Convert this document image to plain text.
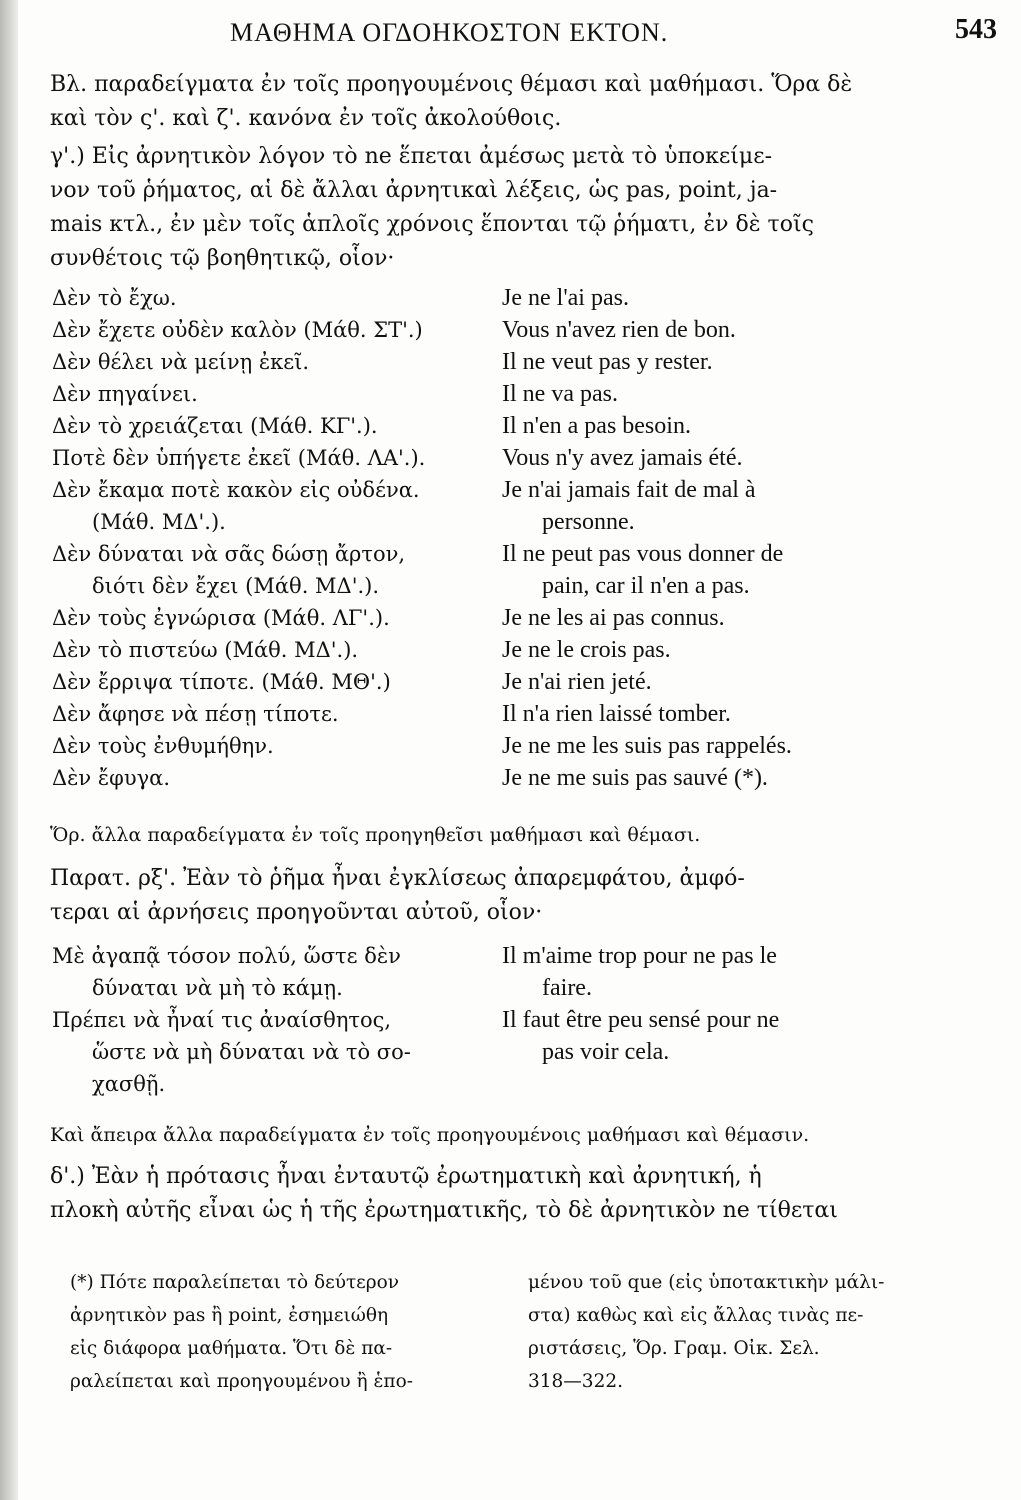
ΜΑΘΗΜΑ ΟΓΔΟΗΚΟΣΤΟΝ ΕΚΤΟΝ.	543
Βλ. παραδείγματα ἐν τοῖς προηγουμένοις θέμασι καὶ μαθήμασι. Ὅρα δὲ
καὶ τὸν ς'. καὶ ζ'. κανόνα ἐν τοῖς ἀκολούθοις.
γ'.) Εἰς ἀρνητικὸν λόγον τὸ ne ἕπεται ἀμέσως μετὰ τὸ ὑποκείμε-
νον τοῦ ῥήματος, αἱ δὲ ἄλλαι ἀρνητικαὶ λέξεις, ὡς pas, point, ja-
mais κτλ., ἐν μὲν τοῖς ἁπλοῖς χρόνοις ἕπονται τῷ ῥήματι, ἐν δὲ τοῖς
συνθέτοις τῷ βοηθητικῷ, οἷον·
Δὲν τὸ ἔχω.	Je ne l'ai pas.
Δὲν ἔχετε οὐδὲν καλὸν (Μάθ. ΣΤ'.)	Vous n'avez rien de bon.
Δὲν θέλει νὰ μείνῃ ἐκεῖ.	Il ne veut pas y rester.
Δὲν πηγαίνει.	Il ne va pas.
Δὲν τὸ χρειάζεται (Μάθ. ΚΓ'.).	Il n'en a pas besoin.
Ποτὲ δὲν ὑπήγετε ἐκεῖ (Μάθ. ΛΑ'.).	Vous n'y avez jamais été.
Δὲν ἔκαμα ποτὲ κακὸν εἰς οὐδένα.	Je n'ai jamais fait de mal à
(Μάθ. ΜΔ'.).	personne.
Δὲν δύναται νὰ σᾶς δώσῃ ἄρτον,	Il ne peut pas vous donner de
διότι δὲν ἔχει (Μάθ. ΜΔ'.).	pain, car il n'en a pas.
Δὲν τοὺς ἐγνώρισα (Μάθ. ΛΓ'.).	Je ne les ai pas connus.
Δὲν τὸ πιστεύω (Μάθ. ΜΔ'.).	Je ne le crois pas.
Δὲν ἔρριψα τίποτε. (Μάθ. ΜΘ'.)	Je n'ai rien jeté.
Δὲν ἄφησε νὰ πέσῃ τίποτε.	Il n'a rien laissé tomber.
Δὲν τοὺς ἐνθυμήθην.	Je ne me les suis pas rappelés.
Δὲν ἔφυγα.	Je ne me suis pas sauvé (*).
Ὅρ. ἄλλα παραδείγματα ἐν τοῖς προηγηθεῖσι μαθήμασι καὶ θέμασι.
Παρατ. ρξ'. Ἐὰν τὸ ῥῆμα ἦναι ἐγκλίσεως ἀπαρεμφάτου, ἀμφό-
τεραι αἱ ἀρνήσεις προηγοῦνται αὐτοῦ, οἷον·
Μὲ ἀγαπᾷ τόσον πολύ, ὥστε δὲν	Il m'aime trop pour ne pas le
δύναται νὰ μὴ τὸ κάμῃ.	faire.
Πρέπει νὰ ἦναί τις ἀναίσθητος,	Il faut être peu sensé pour ne
ὥστε νὰ μὴ δύναται νὰ τὸ σο-	pas voir cela.
χασθῇ.
Καὶ ἄπειρα ἄλλα παραδείγματα ἐν τοῖς προηγουμένοις μαθήμασι καὶ θέμασιν.
δ'.) Ἐὰν ἡ πρότασις ἦναι ἐνταυτῷ ἐρωτηματικὴ καὶ ἀρνητική, ἡ
πλοκὴ αὐτῆς εἶναι ὡς ἡ τῆς ἐρωτηματικῆς, τὸ δὲ ἀρνητικὸν ne τίθεται
(*) Πότε παραλείπεται τὸ δεύτερον
ἀρνητικὸν pas ἢ point, ἐσημειώθη
εἰς διάφορα μαθήματα. Ὅτι δὲ πα-
ραλείπεται καὶ προηγουμένου ἢ ἑπο-
μένου τοῦ que (εἰς ὑποτακτικὴν μάλι-
στα) καθὼς καὶ εἰς ἄλλας τινὰς πε-
ριστάσεις, Ὅρ. Γραμ. Οἰκ. Σελ.
318—322.
